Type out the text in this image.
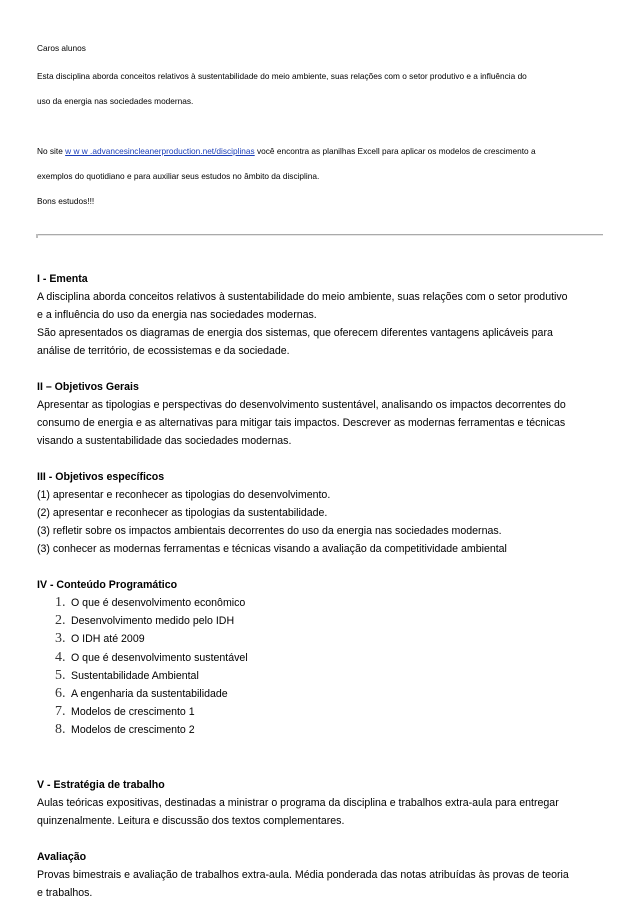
Caros alunos
Esta disciplina aborda conceitos relativos à sustentabilidade do meio ambiente, suas relações com o setor produtivo e a influência do
uso da energia nas sociedades modernas.
No site w w w .advancesincleanerproduction.net/disciplinas você encontra as planilhas Excell para aplicar os modelos de crescimento a
exemplos do quotidiano e para auxiliar seus estudos no âmbito da disciplina.
Bons estudos!!!
I - Ementa

A disciplina aborda conceitos relativos à sustentabilidade do meio ambiente, suas relações com o setor produtivo

e a influência do uso da energia nas sociedades modernas.

São apresentados os diagramas de energia dos sistemas, que oferecem diferentes vantagens aplicáveis para

análise de território, de ecossistemas e da sociedade.

II – Objetivos Gerais

Apresentar as tipologias e perspectivas do desenvolvimento sustentável, analisando os impactos decorrentes do

consumo de energia e as alternativas para mitigar tais impactos. Descrever as modernas ferramentas e técnicas

visando a sustentabilidade das sociedades modernas.

III - Objetivos específicos

(1) apresentar e reconhecer as tipologias do desenvolvimento.

(2) apresentar e reconhecer as tipologias da sustentabilidade.

(3) refletir sobre os impactos ambientais decorrentes do uso da energia nas sociedades modernas.

(3) conhecer as modernas ferramentas e técnicas visando a avaliação da competitividade ambiental

IV - Conteúdo Programático
1. O que é desenvolvimento econômico
2. Desenvolvimento medido pelo IDH
3. O IDH até 2009
4. O que é desenvolvimento sustentável
5. Sustentabilidade Ambiental
6. A engenharia da sustentabilidade
7. Modelos de crescimento 1
8. Modelos de crescimento 2
V - Estratégia de trabalho

Aulas teóricas expositivas, destinadas a ministrar o programa da disciplina e trabalhos extra-aula para entregar

quinzenalmente. Leitura e discussão dos textos complementares.

Avaliação

Provas bimestrais e avaliação de trabalhos extra-aula. Média ponderada das notas atribuídas às provas de teoria

e trabalhos.
